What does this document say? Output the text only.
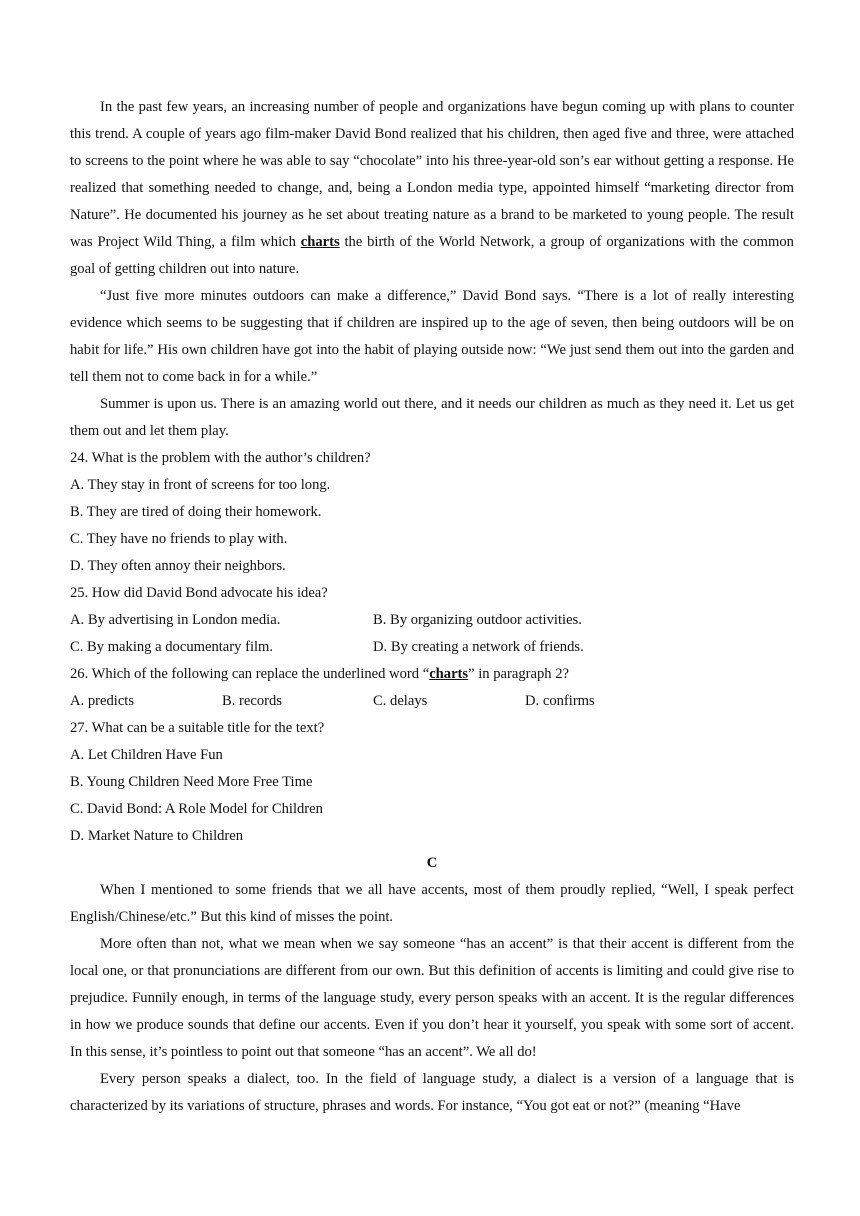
In the past few years, an increasing number of people and organizations have begun coming up with plans to counter this trend. A couple of years ago film-maker David Bond realized that his children, then aged five and three, were attached to screens to the point where he was able to say “chocolate” into his three-year-old son’s ear without getting a response. He realized that something needed to change, and, being a London media type, appointed himself “marketing director from Nature”. He documented his journey as he set about treating nature as a brand to be marketed to young people. The result was Project Wild Thing, a film which charts the birth of the World Network, a group of organizations with the common goal of getting children out into nature.

“Just five more minutes outdoors can make a difference,” David Bond says. “There is a lot of really interesting evidence which seems to be suggesting that if children are inspired up to the age of seven, then being outdoors will be on habit for life.” His own children have got into the habit of playing outside now: “We just send them out into the garden and tell them not to come back in for a while.”

Summer is upon us. There is an amazing world out there, and it needs our children as much as they need it. Let us get them out and let them play.

24. What is the problem with the author’s children?

A. They stay in front of screens for too long.

B. They are tired of doing their homework.

C. They have no friends to play with.

D. They often annoy their neighbors.

25. How did David Bond advocate his idea?

A. By advertising in London media.	B. By organizing outdoor activities.
C. By making a documentary film.	D. By creating a network of friends.

26. Which of the following can replace the underlined word “charts” in paragraph 2?

A. predicts	B. records	C. delays	D. confirms

27. What can be a suitable title for the text?

A. Let Children Have Fun

B. Young Children Need More Free Time

C. David Bond: A Role Model for Children

D. Market Nature to Children

C

When I mentioned to some friends that we all have accents, most of them proudly replied, “Well, I speak perfect English/Chinese/etc.” But this kind of misses the point.

More often than not, what we mean when we say someone “has an accent” is that their accent is different from the local one, or that pronunciations are different from our own. But this definition of accents is limiting and could give rise to prejudice. Funnily enough, in terms of the language study, every person speaks with an accent. It is the regular differences in how we produce sounds that define our accents. Even if you don’t hear it yourself, you speak with some sort of accent. In this sense, it’s pointless to point out that someone “has an accent”. We all do!

Every person speaks a dialect, too. In the field of language study, a dialect is a version of a language that is characterized by its variations of structure, phrases and words. For instance, “You got eat or not?” (meaning “Have
